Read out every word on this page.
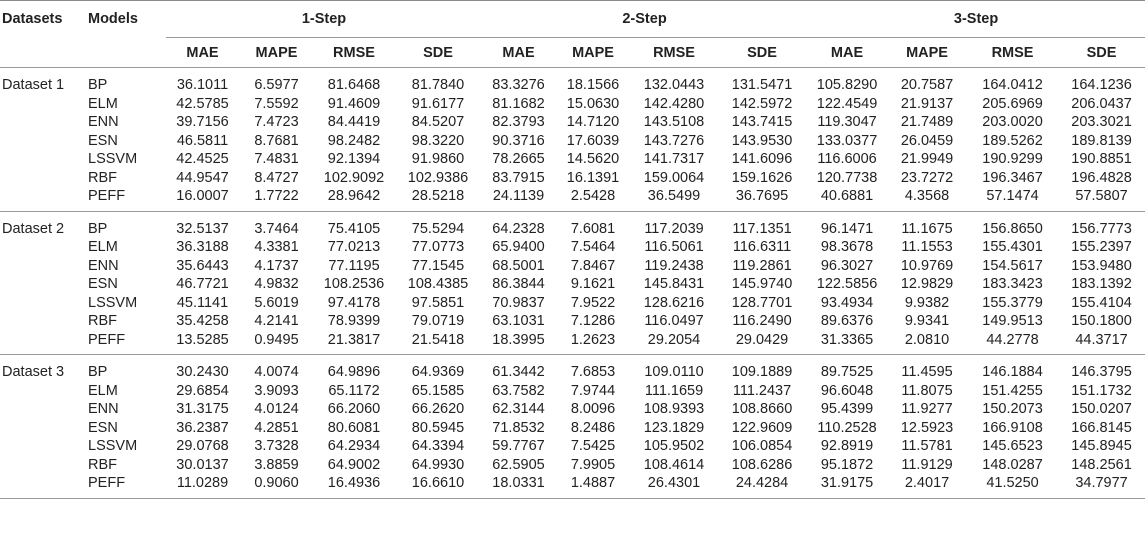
Datasets	Models	1-Step				2-Step				3-Step			
		MAE	MAPE	RMSE	SDE	MAE	MAPE	RMSE	SDE	MAE	MAPE	RMSE	SDE
Dataset 1	BP	36.1011	6.5977	81.6468	81.7840	83.3276	18.1566	132.0443	131.5471	105.8290	20.7587	164.0412	164.1236
	ELM	42.5785	7.5592	91.4609	91.6177	81.1682	15.0630	142.4280	142.5972	122.4549	21.9137	205.6969	206.0437
	ENN	39.7156	7.4723	84.4419	84.5207	82.3793	14.7120	143.5108	143.7415	119.3047	21.7489	203.0020	203.3021
	ESN	46.5811	8.7681	98.2482	98.3220	90.3716	17.6039	143.7276	143.9530	133.0377	26.0459	189.5262	189.8139
	LSSVM	42.4525	7.4831	92.1394	91.9860	78.2665	14.5620	141.7317	141.6096	116.6006	21.9949	190.9299	190.8851
	RBF	44.9547	8.4727	102.9092	102.9386	83.7915	16.1391	159.0064	159.1626	120.7738	23.7272	196.3467	196.4828
	PEFF	16.0007	1.7722	28.9642	28.5218	24.1139	2.5428	36.5499	36.7695	40.6881	4.3568	57.1474	57.5807
Dataset 2	BP	32.5137	3.7464	75.4105	75.5294	64.2328	7.6081	117.2039	117.1351	96.1471	11.1675	156.8650	156.7773
	ELM	36.3188	4.3381	77.0213	77.0773	65.9400	7.5464	116.5061	116.6311	98.3678	11.1553	155.4301	155.2397
	ENN	35.6443	4.1737	77.1195	77.1545	68.5001	7.8467	119.2438	119.2861	96.3027	10.9769	154.5617	153.9480
	ESN	46.7721	4.9832	108.2536	108.4385	86.3844	9.1621	145.8431	145.9740	122.5856	12.9829	183.3423	183.1392
	LSSVM	45.1141	5.6019	97.4178	97.5851	70.9837	7.9522	128.6216	128.7701	93.4934	9.9382	155.3779	155.4104
	RBF	35.4258	4.2141	78.9399	79.0719	63.1031	7.1286	116.0497	116.2490	89.6376	9.9341	149.9513	150.1800
	PEFF	13.5285	0.9495	21.3817	21.5418	18.3995	1.2623	29.2054	29.0429	31.3365	2.0810	44.2778	44.3717
Dataset 3	BP	30.2430	4.0074	64.9896	64.9369	61.3442	7.6853	109.0110	109.1889	89.7525	11.4595	146.1884	146.3795
	ELM	29.6854	3.9093	65.1172	65.1585	63.7582	7.9744	111.1659	111.2437	96.6048	11.8075	151.4255	151.1732
	ENN	31.3175	4.0124	66.2060	66.2620	62.3144	8.0096	108.9393	108.8660	95.4399	11.9277	150.2073	150.0207
	ESN	36.2387	4.2851	80.6081	80.5945	71.8532	8.2486	123.1829	122.9609	110.2528	12.5923	166.9108	166.8145
	LSSVM	29.0768	3.7328	64.2934	64.3394	59.7767	7.5425	105.9502	106.0854	92.8919	11.5781	145.6523	145.8945
	RBF	30.0137	3.8859	64.9002	64.9930	62.5905	7.9905	108.4614	108.6286	95.1872	11.9129	148.0287	148.2561
	PEFF	11.0289	0.9060	16.4936	16.6610	18.0331	1.4887	26.4301	24.4284	31.9175	2.4017	41.5250	34.7977
